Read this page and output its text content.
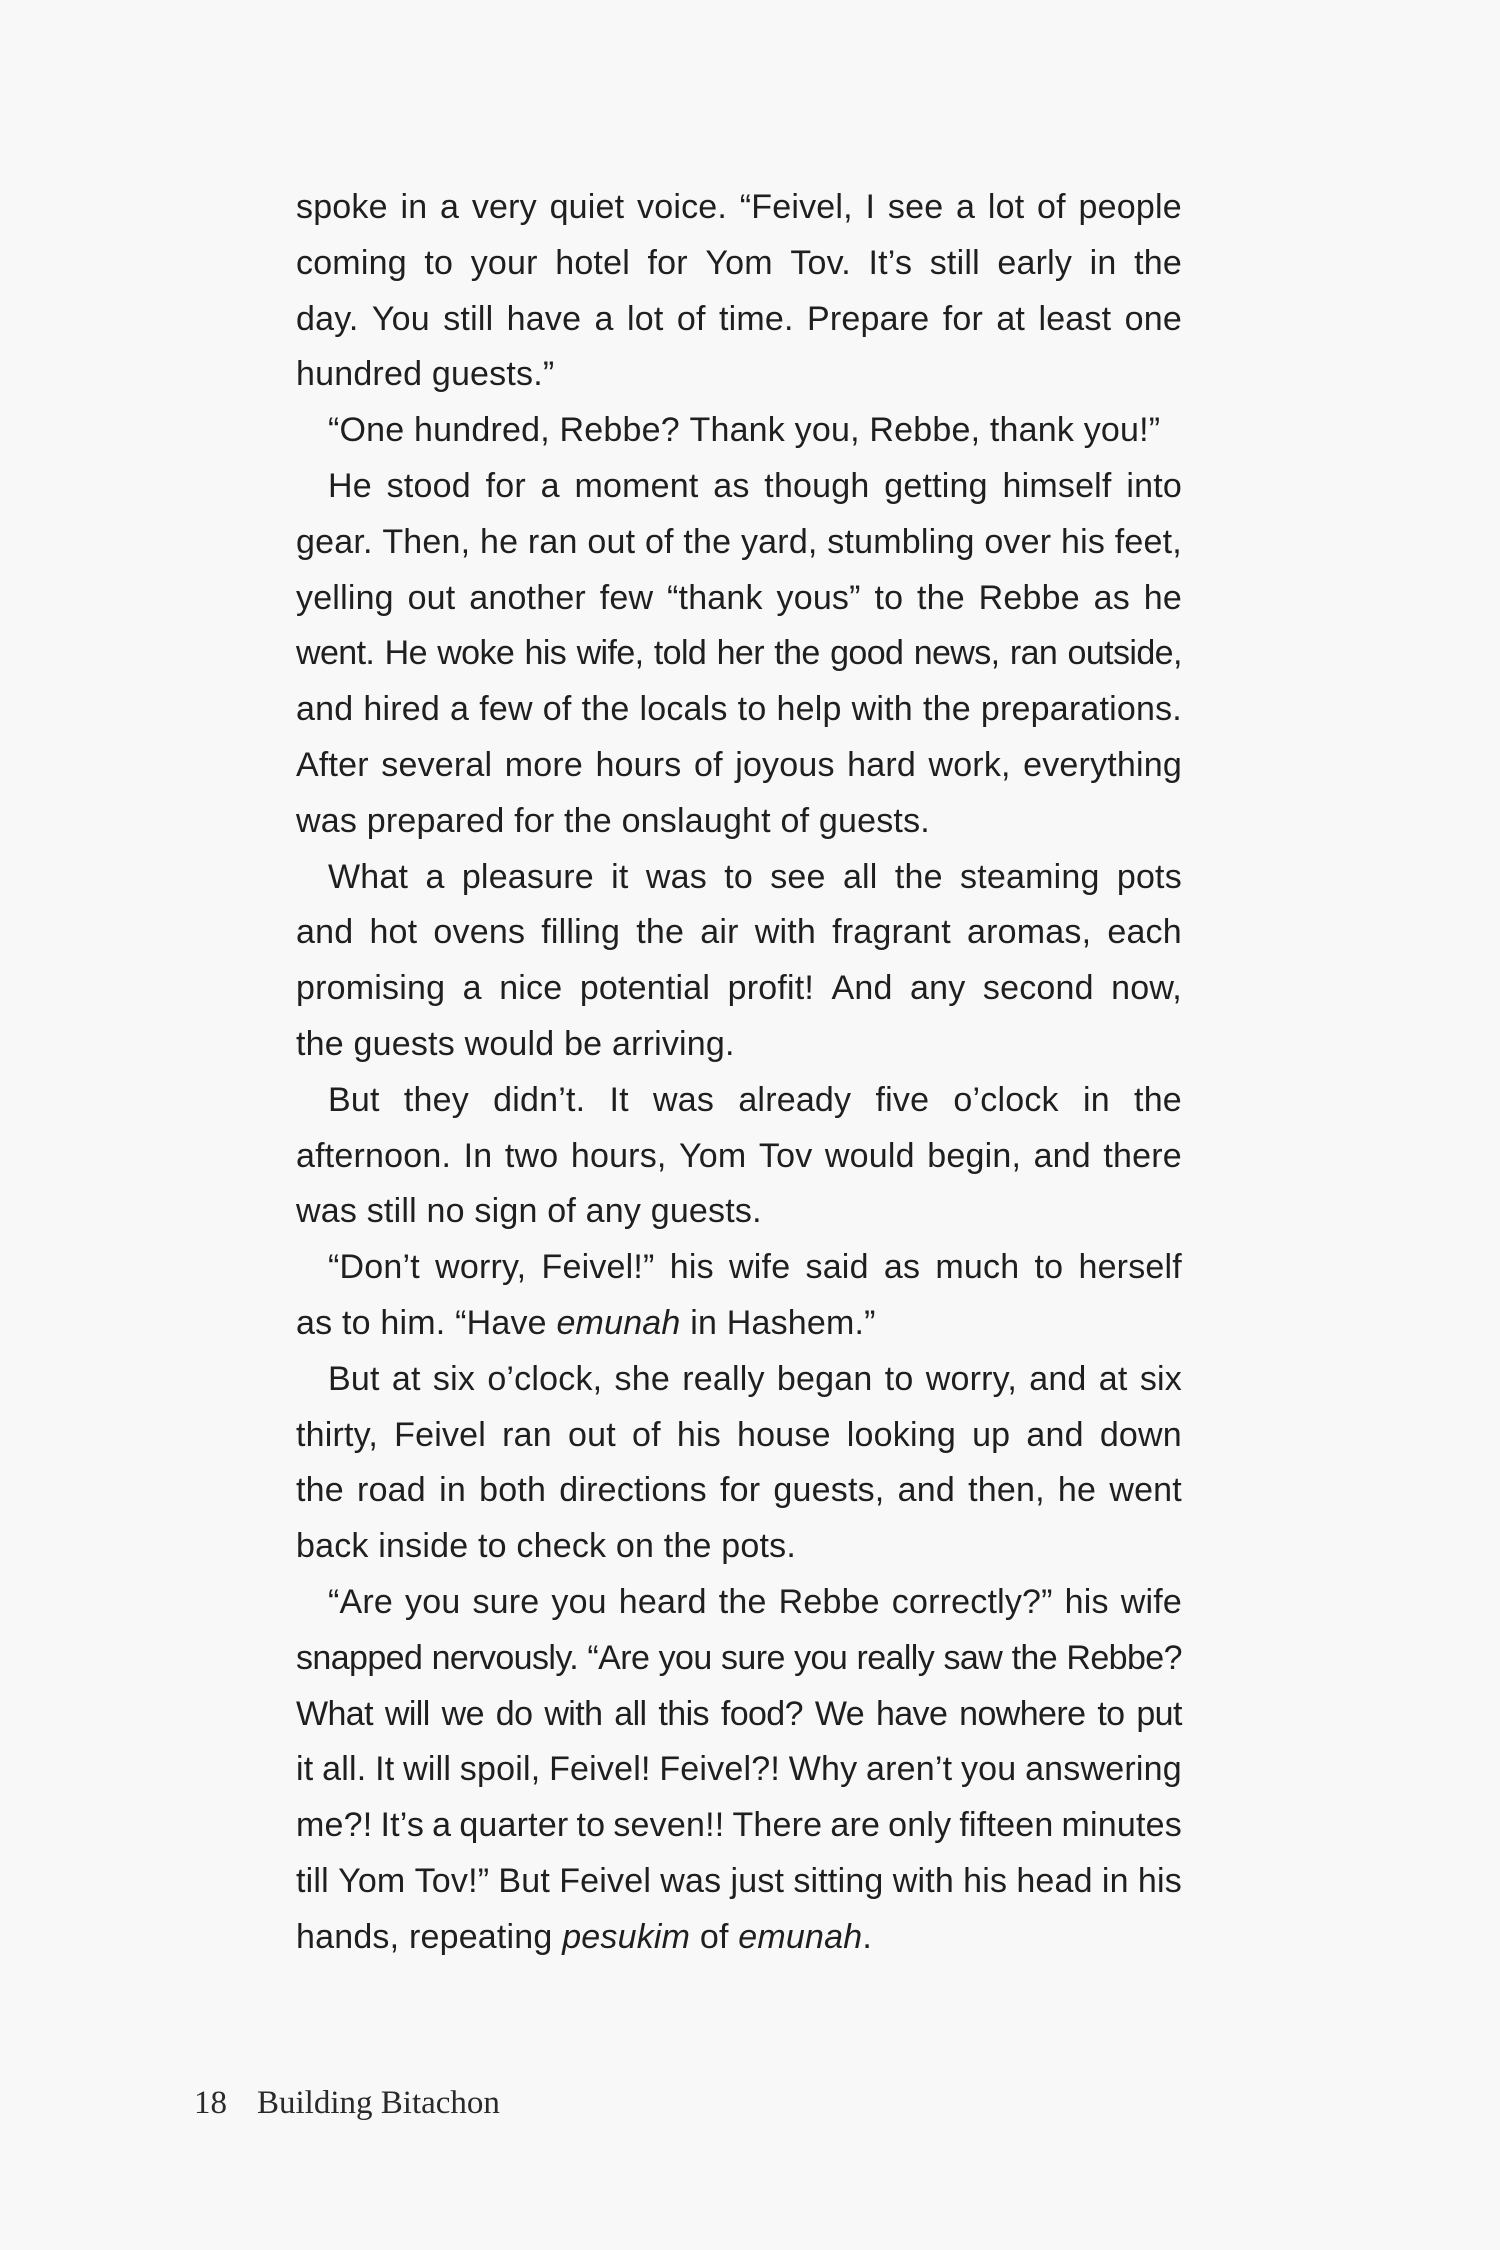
spoke in a very quiet voice. “Feivel, I see a lot of people
coming to your hotel for Yom Tov. It’s still early in the
day. You still have a lot of time. Prepare for at least one
hundred
guests.”
“One
hundred,
Rebbe?
Thank
you,
Rebbe,
thank
you!”
He stood for a moment as though getting himself into
gear. Then, he ran out of the yard, stumbling over his feet,
yelling out another few “thank yous” to the Rebbe as he
went. He woke his wife, told her the good news, ran outside,
and hired a few of the locals to help with the preparations.
After several more hours of joyous hard work, everything
was
prepared
for
the
onslaught
of
guests.
What a pleasure it was to see all the steaming pots
and hot ovens filling the air with fragrant aromas, each
promising a nice potential profit! And any second now,
the
guests
would
be
arriving.
But they didn’t. It was already five o’clock in the
afternoon. In two hours, Yom Tov would begin, and there
was
still
no
sign
of
any
guests.
“Don’t worry, Feivel!” his wife said as much to herself
as
to
him.
“Have
emunah
in
Hashem.”
But at six o’clock, she really began to worry, and at six
thirty, Feivel ran out of his house looking up and down
the road in both directions for guests, and then, he went
back
inside
to
check
on
the
pots.
“Are you sure you heard the Rebbe correctly?” his wife
snapped nervously. “Are you sure you really saw the Rebbe?
What will we do with all this food? We have nowhere to put
it all. It will spoil, Feivel! Feivel?! Why aren’t you answering
me?! It’s a quarter to seven!! There are only fifteen minutes
till Yom Tov!” But Feivel was just sitting with his head in his
hands,
repeating
pesukim
of
emunah.
18 Building Bitachon
